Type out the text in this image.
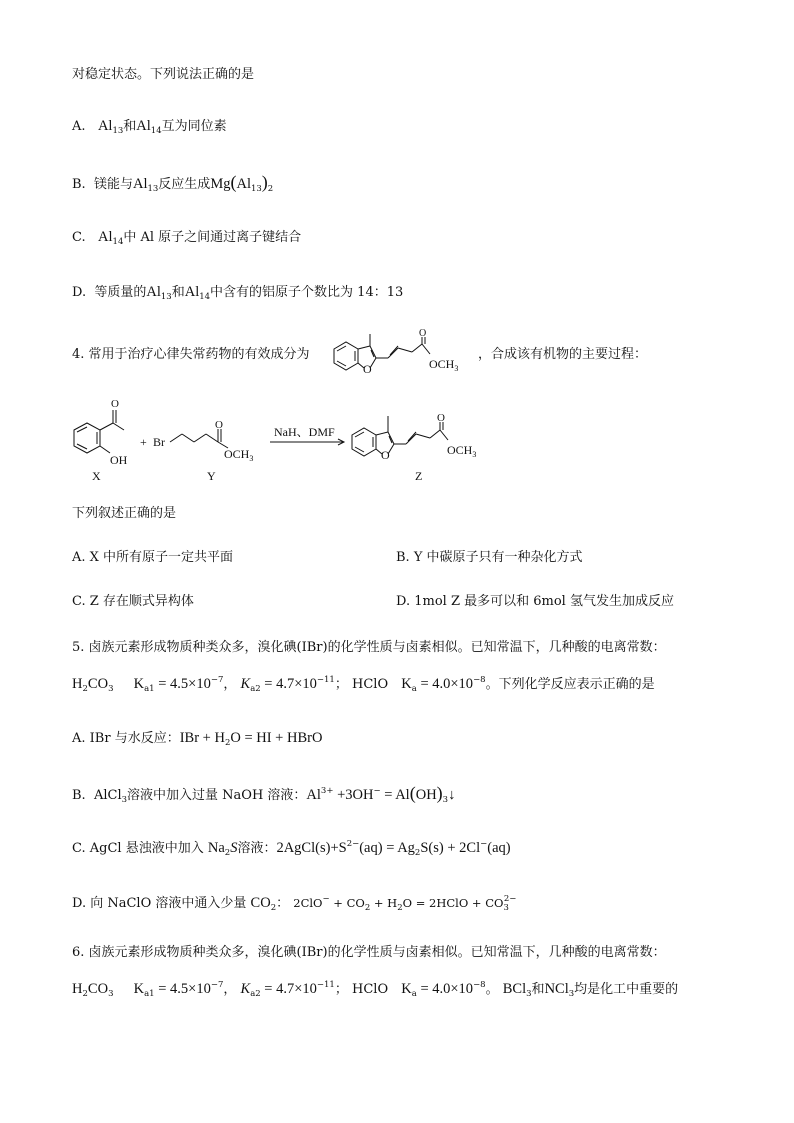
对稳定状态。下列说法正确的是
A. $Al_{13}$和$Al_{14}$互为同位素
B. 镁能与$Al_{13}$反应生成$Mg(Al_{13})_2$
C. $Al_{14}$中 Al 原子之间通过离子键结合
D. 等质量的$Al_{13}$和$Al_{14}$中含有的铝原子个数比为 14：13
4. 常用于治疗心律失常药物的有效成分为
O
O
$OCH_3$
，合成该有机物的主要过程：
O
OH
X
+ Br
O
$OCH_3$
Y
NaH、DMF
O
O
$OCH_3$
Z
下列叙述正确的是
A. X 中所有原子一定共平面	B. Y 中碳原子只有一种杂化方式
C. Z 存在顺式异构体	D. 1mol Z 最多可以和 6mol 氢气发生加成反应
5. 卤族元素形成物质种类众多，溴化碘(IBr)的化学性质与卤素相似。已知常温下，几种酸的电离常数：
$H_2CO_3$ $K_{a1} = 4.5\times 10^{-7}$， $K_{a2} = 4.7\times 10^{-11}$； HClO $K_a = 4.0\times 10^{-8}$。下列化学反应表示正确的是
A. IBr 与水反应：IBr + $H_2O$ = HI + HBrO
B. AlCl$_3$溶液中加入过量 NaOH 溶液：$Al^{3+} +3OH^-$ = $Al(OH)_3↓$
C. AgCl 悬浊液中加入 $Na_2S$溶液：$2AgCl(s)+S^{2-}(aq) = Ag_2S(s) + 2Cl^-(aq)$
D. 向 NaClO 溶液中通入少量 $CO_2$： $2ClO^- + CO_2 + H_2O$ = 2HClO + $CO_3^{2-}$
6. 卤族元素形成物质种类众多，溴化碘(IBr)的化学性质与卤素相似。已知常温下，几种酸的电离常数：
$H_2CO_3$ $K_{a1} = 4.5\times 10^{-7}$， $K_{a2} = 4.7\times 10^{-11}$； HClO $K_a = 4.0\times 10^{-8}$。 BCl$_3$和NCl$_3$均是化工中重要的
